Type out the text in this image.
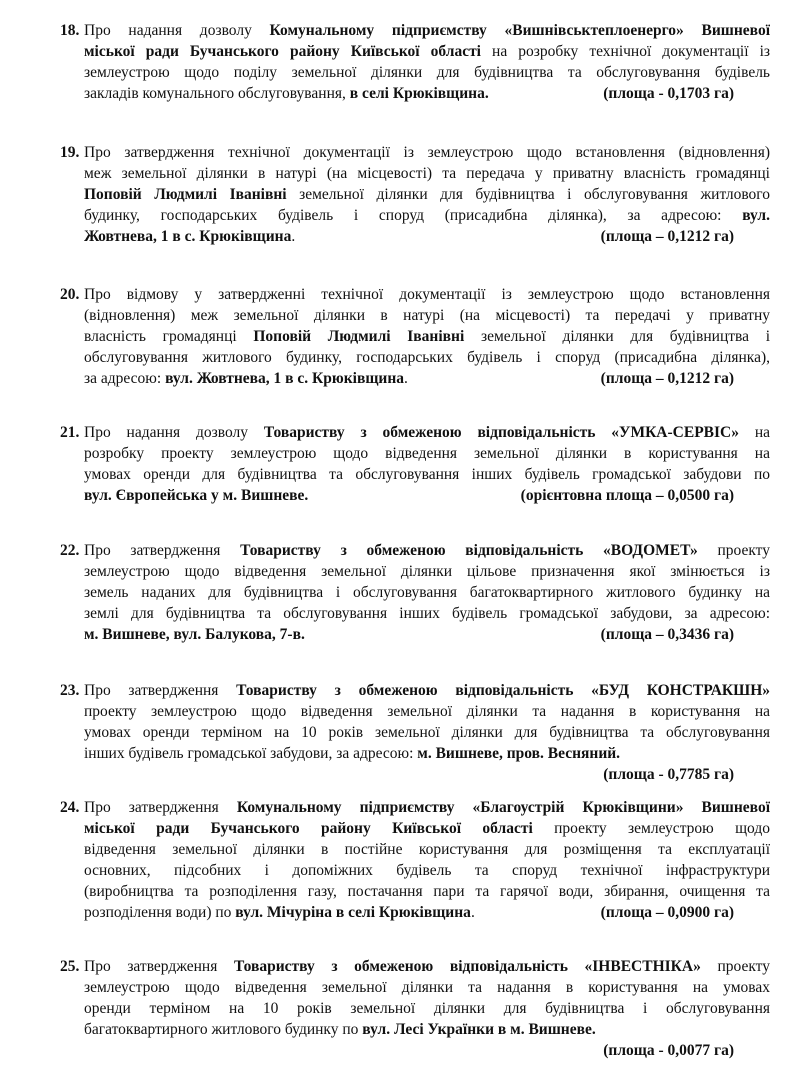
18. Про надання дозволу Комунальному підприємству «Вишнівськтеплоенерго» Вишневої
міської ради Бучанського району Київської області на розробку технічної документації із
землеустрою щодо поділу земельної ділянки для будівництва та обслуговування будівель
закладів комунального обслуговування, в селі Крюківщина.	(площа - 0,1703 га)
19. Про затвердження технічної документації із землеустрою щодо встановлення (відновлення)
меж земельної ділянки в натурі (на місцевості) та передача у приватну власність громадянці
Поповій Людмилі Іванівні земельної ділянки для будівництва і обслуговування житлового
будинку, господарських будівель і споруд (присадибна ділянка), за адресою: вул.
Жовтнева, 1 в с. Крюківщина.	(площа – 0,1212 га)
20. Про відмову у затвердженні технічної документації із землеустрою щодо встановлення
(відновлення) меж земельної ділянки в натурі (на місцевості) та передачі у приватну
власність громадянці Поповій Людмилі Іванівні земельної ділянки для будівництва і
обслуговування житлового будинку, господарських будівель і споруд (присадибна ділянка),
за адресою: вул. Жовтнева, 1 в с. Крюківщина.	(площа – 0,1212 га)
21. Про надання дозволу Товариству з обмеженою відповідальність «УМКА-СЕРВІС» на
розробку проекту землеустрою щодо відведення земельної ділянки в користування на
умовах оренди для будівництва та обслуговування інших будівель громадської забудови по
вул. Європейська у м. Вишневе.	(орієнтовна площа – 0,0500 га)
22. Про затвердження Товариству з обмеженою відповідальність «ВОДОМЕТ» проекту
землеустрою щодо відведення земельної ділянки цільове призначення якої змінюється із
земель наданих для будівництва і обслуговування багатоквартирного житлового будинку на
землі для будівництва та обслуговування інших будівель громадської забудови, за адресою:
м. Вишневе, вул. Балукова, 7-в.	(площа – 0,3436 га)
23. Про затвердження Товариству з обмеженою відповідальність «БУД КОНСТРАКШН»
проекту землеустрою щодо відведення земельної ділянки та надання в користування на
умовах оренди терміном на 10 років земельної ділянки для будівництва та обслуговування
інших будівель громадської забудови, за адресою: м. Вишневе, пров. Весняний.
(площа - 0,7785 га)
24. Про затвердження Комунальному підприємству «Благоустрій Крюківщини» Вишневої
міської ради Бучанського району Київської області проекту землеустрою щодо
відведення земельної ділянки в постійне користування для розміщення та експлуатації
основних, підсобних і допоміжних будівель та споруд технічної інфраструктури
(виробництва та розподілення газу, постачання пари та гарячої води, збирання, очищення та
розподілення води) по вул. Мічуріна в селі Крюківщина.	(площа – 0,0900 га)
25. Про затвердження Товариству з обмеженою відповідальність «ІНВЕСТНІКА» проекту
землеустрою щодо відведення земельної ділянки та надання в користування на умовах
оренди терміном на 10 років земельної ділянки для будівництва і обслуговування
багатоквартирного житлового будинку по вул. Лесі Українки в м. Вишневе.
(площа - 0,0077 га)
